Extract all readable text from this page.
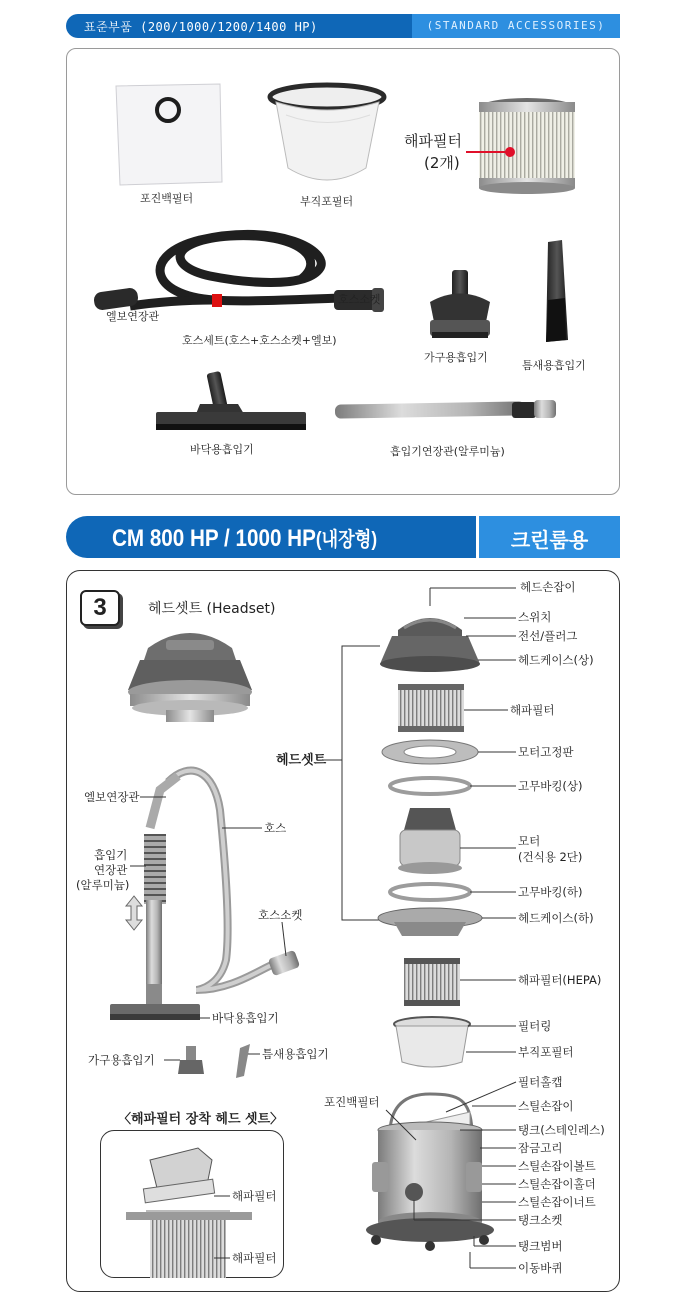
표준부품 (200/1000/1200/1400 HP)	(STANDARD ACCESSORIES)
포진백필터	부직포필터
해파필터
(2개)
엘보연장관
호스소켓
호스세트(호스+호스소켓+엘보)
가구용흡입기
틈새용흡입기
바닥용흡입기	흡입기연장관(알루미늄)
CM 800 HP / 1000 HP(내장형)	크린룸용
3	헤드셋트 (Headset)
〈해파필터 장착 헤드 셋트〉
헤드셋트
엘보연장관
호스
흡입기
연장관
(알루미늄)
호스소켓
바닥용흡입기
가구용흡입기	틈새용흡입기
해파필터
해파필터
헤드손잡이
스위치
전선/플러그
헤드케이스(상)
해파필터
모터고정판
고무바킹(상)
모터
(건식용 2단)
고무바킹(하)
헤드케이스(하)
해파필터(HEPA)
필터링
부직포필터
포진백필터
필터홀캡
스틸손잡이
탱크(스테인레스)
잠금고리
스틸손잡이볼트
스틸손잡이홀더
스틸손잡이너트
탱크소켓
탱크범버
이동바퀴
